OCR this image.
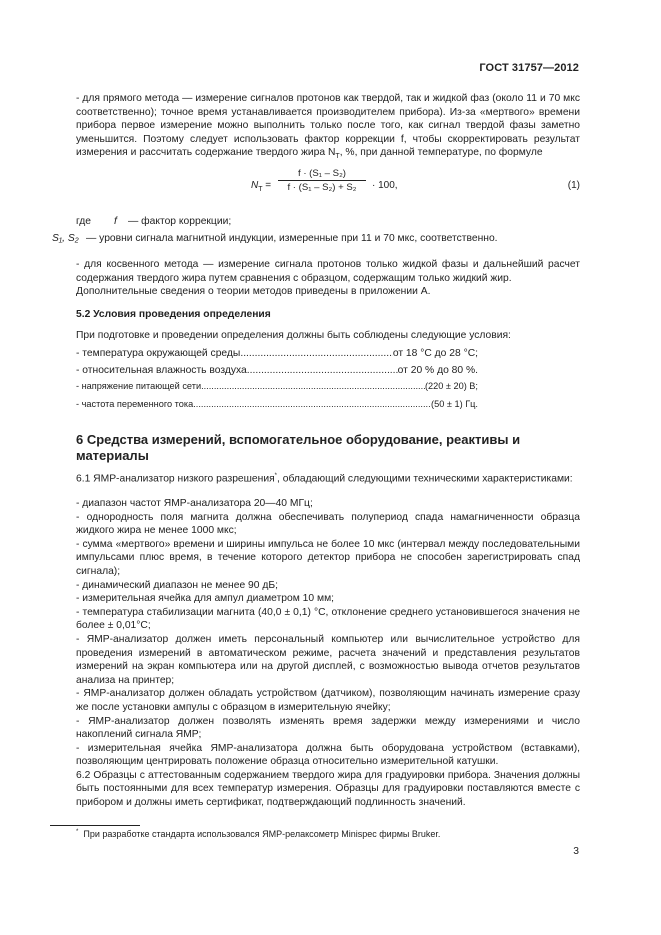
ГОСТ 31757—2012
- для прямого метода — измерение сигналов протонов как твердой, так и жидкой фаз (около 11 и 70 мкс соответственно); точное время устанавливается производителем прибора). Из-за «мертвого» времени прибора первое измерение можно выполнить только после того, как сигнал твердой фазы заметно уменьшится. Поэтому следует использовать фактор коррекции f, чтобы скорректировать результат измерения и рассчитать содержание твердого жира $N_T$, %, при данной температуре, по формуле
$N_T = \frac{\text{f · (S₁ – S₂)}}{\text{f · (S₁ – S₂) + S₂}} \cdot 100$,	(1)
где f — фактор коррекции;
S₁, S₂ — уровни сигнала магнитной индукции, измеренные при 11 и 70 мкс, соответственно.
- для косвенного метода — измерение сигнала протонов только жидкой фазы и дальнейший расчет содержания твердого жира путем сравнения с образцом, содержащим только жидкий жир.
Дополнительные сведения о теории методов приведены в приложении А.
5.2 Условия проведения определения
При подготовке и проведении определения должны быть соблюдены следующие условия:
- температура окружающей среды .....	от 18 °С до 28 °С;
- относительная влажность воздуха .....	от 20 % до 80 %.
- напряжение питающей сети .....	(220 ± 20) В;
- частота переменного тока .....	(50 ± 1) Гц.
6 Средства измерений, вспомогательное оборудование, реактивы и материалы
6.1 ЯМР-анализатор низкого разрешения*, обладающий следующими техническими характеристиками:
- диапазон частот ЯМР-анализатора 20—40 МГц;
- однородность поля магнита должна обеспечивать полупериод спада намагниченности образца жидкого жира не менее 1000 мкс;
- сумма «мертвого» времени и ширины импульса не более 10 мкс (интервал между последовательными импульсами плюс время, в течение которого детектор прибора не способен зарегистрировать спад сигнала);
- динамический диапазон не менее 90 дБ;
- измерительная ячейка для ампул диаметром 10 мм;
- температура стабилизации магнита (40,0 ± 0,1) °С, отклонение среднего установившегося значения не более ± 0,01°С;
- ЯМР-анализатор должен иметь персональный компьютер или вычислительное устройство для проведения измерений в автоматическом режиме, расчета значений и представления результатов измерений на экран компьютера или на другой дисплей, с возможностью вывода отчетов результатов анализа на принтер;
- ЯМР-анализатор должен обладать устройством (датчиком), позволяющим начинать измерение сразу же после установки ампулы с образцом в измерительную ячейку;
- ЯМР-анализатор должен позволять изменять время задержки между измерениями и число накоплений сигнала ЯМР;
- измерительная ячейка ЯМР-анализатора должна быть оборудована устройством (вставками), позволяющим центрировать положение образца относительно измерительной катушки.
6.2 Образцы с аттестованным содержанием твердого жира для градуировки прибора. Значения должны быть постоянными для всех температур измерения. Образцы для градуировки поставляются вместе с прибором и должны иметь сертификат, подтверждающий подлинность значений.
* При разработке стандарта использовался ЯМР-релаксометр Minispec фирмы Bruker.
3
